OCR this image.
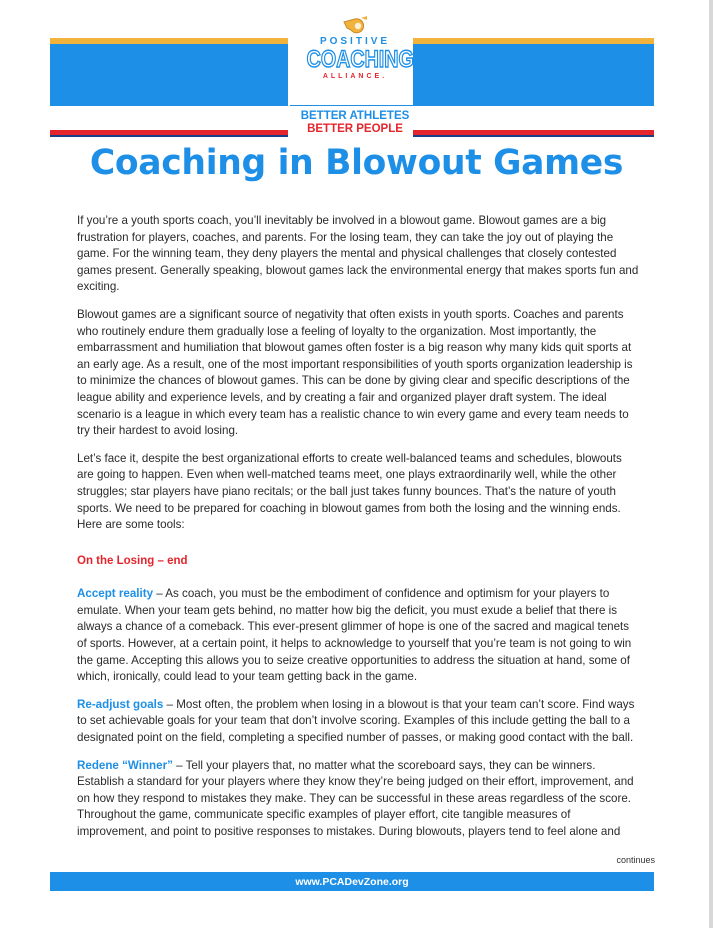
POSITIVE
COACHING
ALLIANCE.
BETTER ATHLETES
BETTER PEOPLE
Coaching in Blowout Games

If you’re a youth sports coach, you’ll inevitably be involved in a blowout game. Blowout games are a big frustration for players, coaches, and parents. For the losing team, they can take the joy out of playing the game. For the winning team, they deny players the mental and physical challenges that closely contested games present. Generally speaking, blowout games lack the environmental energy that makes sports fun and exciting.

Blowout games are a significant source of negativity that often exists in youth sports. Coaches and parents who routinely endure them gradually lose a feeling of loyalty to the organization. Most importantly, the embarrassment and humiliation that blowout games often foster is a big reason why many kids quit sports at an early age. As a result, one of the most important responsibilities of youth sports organization leadership is to minimize the chances of blowout games. This can be done by giving clear and specific descriptions of the league ability and experience levels, and by creating a fair and organized player draft system. The ideal scenario is a league in which every team has a realistic chance to win every game and every team needs to try their hardest to avoid losing.

Let’s face it, despite the best organizational efforts to create well-balanced teams and schedules, blowouts are going to happen. Even when well-matched teams meet, one plays extraordinarily well, while the other struggles; star players have piano recitals; or the ball just takes funny bounces. That’s the nature of youth sports. We need to be prepared for coaching in blowout games from both the losing and the winning ends. Here are some tools:

On the Losing – end

Accept reality – As coach, you must be the embodiment of confidence and optimism for your players to emulate. When your team gets behind, no matter how big the deficit, you must exude a belief that there is always a chance of a comeback. This ever-present glimmer of hope is one of the sacred and magical tenets of sports. However, at a certain point, it helps to acknowledge to yourself that you’re team is not going to win the game. Accepting this allows you to seize creative opportunities to address the situation at hand, some of which, ironically, could lead to your team getting back in the game.

Re-adjust goals – Most often, the problem when losing in a blowout is that your team can’t score. Find ways to set achievable goals for your team that don’t involve scoring. Examples of this include getting the ball to a designated point on the field, completing a specified number of passes, or making good contact with the ball.

Redene “Winner” – Tell your players that, no matter what the scoreboard says, they can be winners. Establish a standard for your players where they know they’re being judged on their effort, improvement, and on how they respond to mistakes they make. They can be successful in these areas regardless of the score. Throughout the game, communicate specific examples of player effort, cite tangible measures of improvement, and point to positive responses to mistakes. During blowouts, players tend to feel alone and

continues
www.PCADevZone.org
